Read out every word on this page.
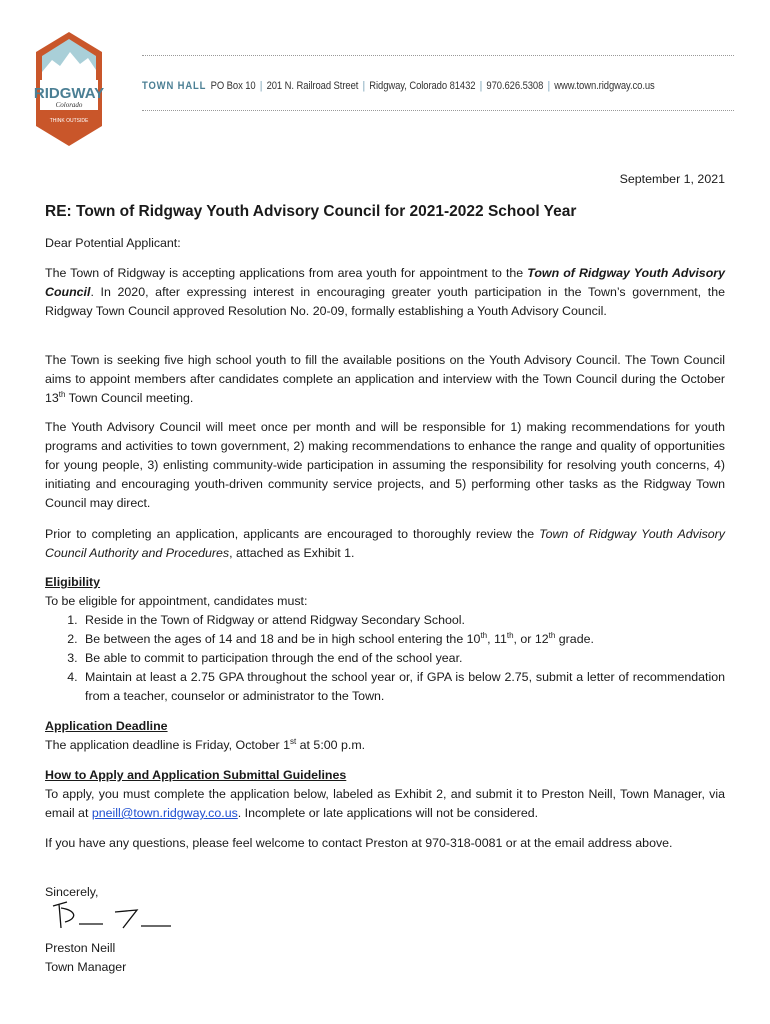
RIDGWAY
Colorado
THINK OUTSIDE
TOWN HALL PO Box 10 | 201 N. Railroad Street | Ridgway, Colorado 81432 | 970.626.5308 | www.town.ridgway.co.us
September 1, 2021
RE: Town of Ridgway Youth Advisory Council for 2021-2022 School Year
Dear Potential Applicant:
The Town of Ridgway is accepting applications from area youth for appointment to the Town of Ridgway Youth Advisory Council. In 2020, after expressing interest in encouraging greater youth participation in the Town’s government, the Ridgway Town Council approved Resolution No. 20-09, formally establishing a Youth Advisory Council.
The Town is seeking five high school youth to fill the available positions on the Youth Advisory Council. The Town Council aims to appoint members after candidates complete an application and interview with the Town Council during the October 13th Town Council meeting.
The Youth Advisory Council will meet once per month and will be responsible for 1) making recommendations for youth programs and activities to town government, 2) making recommendations to enhance the range and quality of opportunities for young people, 3) enlisting community-wide participation in assuming the responsibility for resolving youth concerns, 4) initiating and encouraging youth-driven community service projects, and 5) performing other tasks as the Ridgway Town Council may direct.
Prior to completing an application, applicants are encouraged to thoroughly review the Town of Ridgway Youth Advisory Council Authority and Procedures, attached as Exhibit 1.
Eligibility
To be eligible for appointment, candidates must:
1. Reside in the Town of Ridgway or attend Ridgway Secondary School.
2. Be between the ages of 14 and 18 and be in high school entering the 10th, 11th, or 12th grade.
3. Be able to commit to participation through the end of the school year.
4. Maintain at least a 2.75 GPA throughout the school year or, if GPA is below 2.75, submit a letter of recommendation from a teacher, counselor or administrator to the Town.
Application Deadline
The application deadline is Friday, October 1st at 5:00 p.m.
How to Apply and Application Submittal Guidelines
To apply, you must complete the application below, labeled as Exhibit 2, and submit it to Preston Neill, Town Manager, via email at pneill@town.ridgway.co.us. Incomplete or late applications will not be considered.
If you have any questions, please feel welcome to contact Preston at 970-318-0081 or at the email address above.
Sincerely,
Preston Neill
Town Manager
